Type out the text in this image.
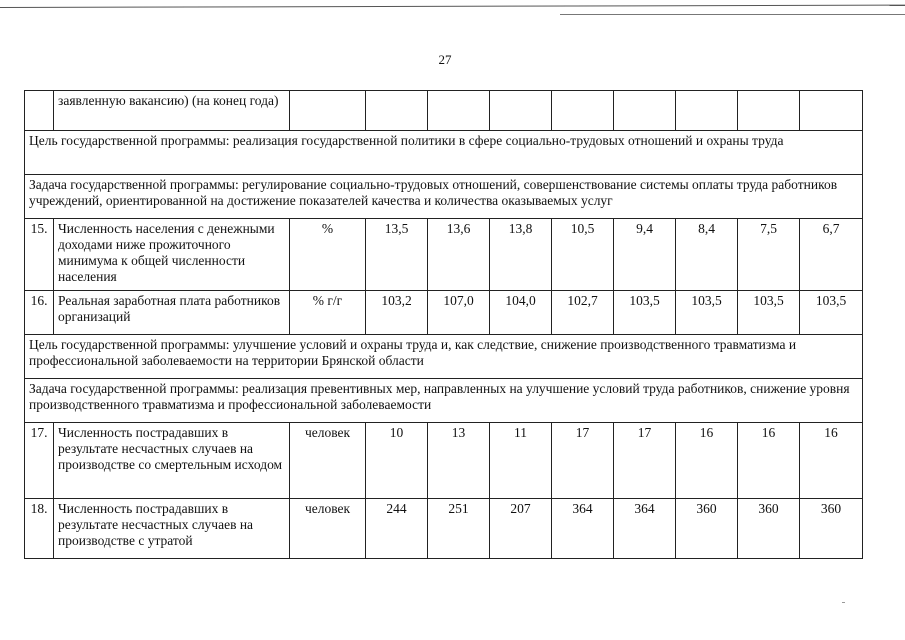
27
	заявленную вакансию) (на конец года)									
Цель государственной программы: реализация государственной политики в сфере социально-трудовых отношений и охраны труда										
Задача государственной программы: регулирование социально-трудовых отношений, совершенствование системы оплаты труда работников учреждений, ориентированной на достижение показателей качества и количества оказываемых услуг										
15.	Численность населения с денежными доходами ниже прожиточного минимума к общей численности населения	%	13,5	13,6	13,8	10,5	9,4	8,4	7,5	6,7
16.	Реальная заработная плата работников организаций	% г/г	103,2	107,0	104,0	102,7	103,5	103,5	103,5	103,5
Цель государственной программы: улучшение условий и охраны труда и, как следствие, снижение производственного травматизма и профессиональной заболеваемости на территории Брянской области										
Задача государственной программы: реализация превентивных мер, направленных на улучшение условий труда работников, снижение уровня производственного травматизма и профессиональной заболеваемости										
17.	Численность пострадавших в результате несчастных случаев на производстве со смертельным исходом	человек	10	13	11	17	17	16	16	16
18.	Численность пострадавших в результате несчастных случаев на производстве с утратой	человек	244	251	207	364	364	360	360	360
